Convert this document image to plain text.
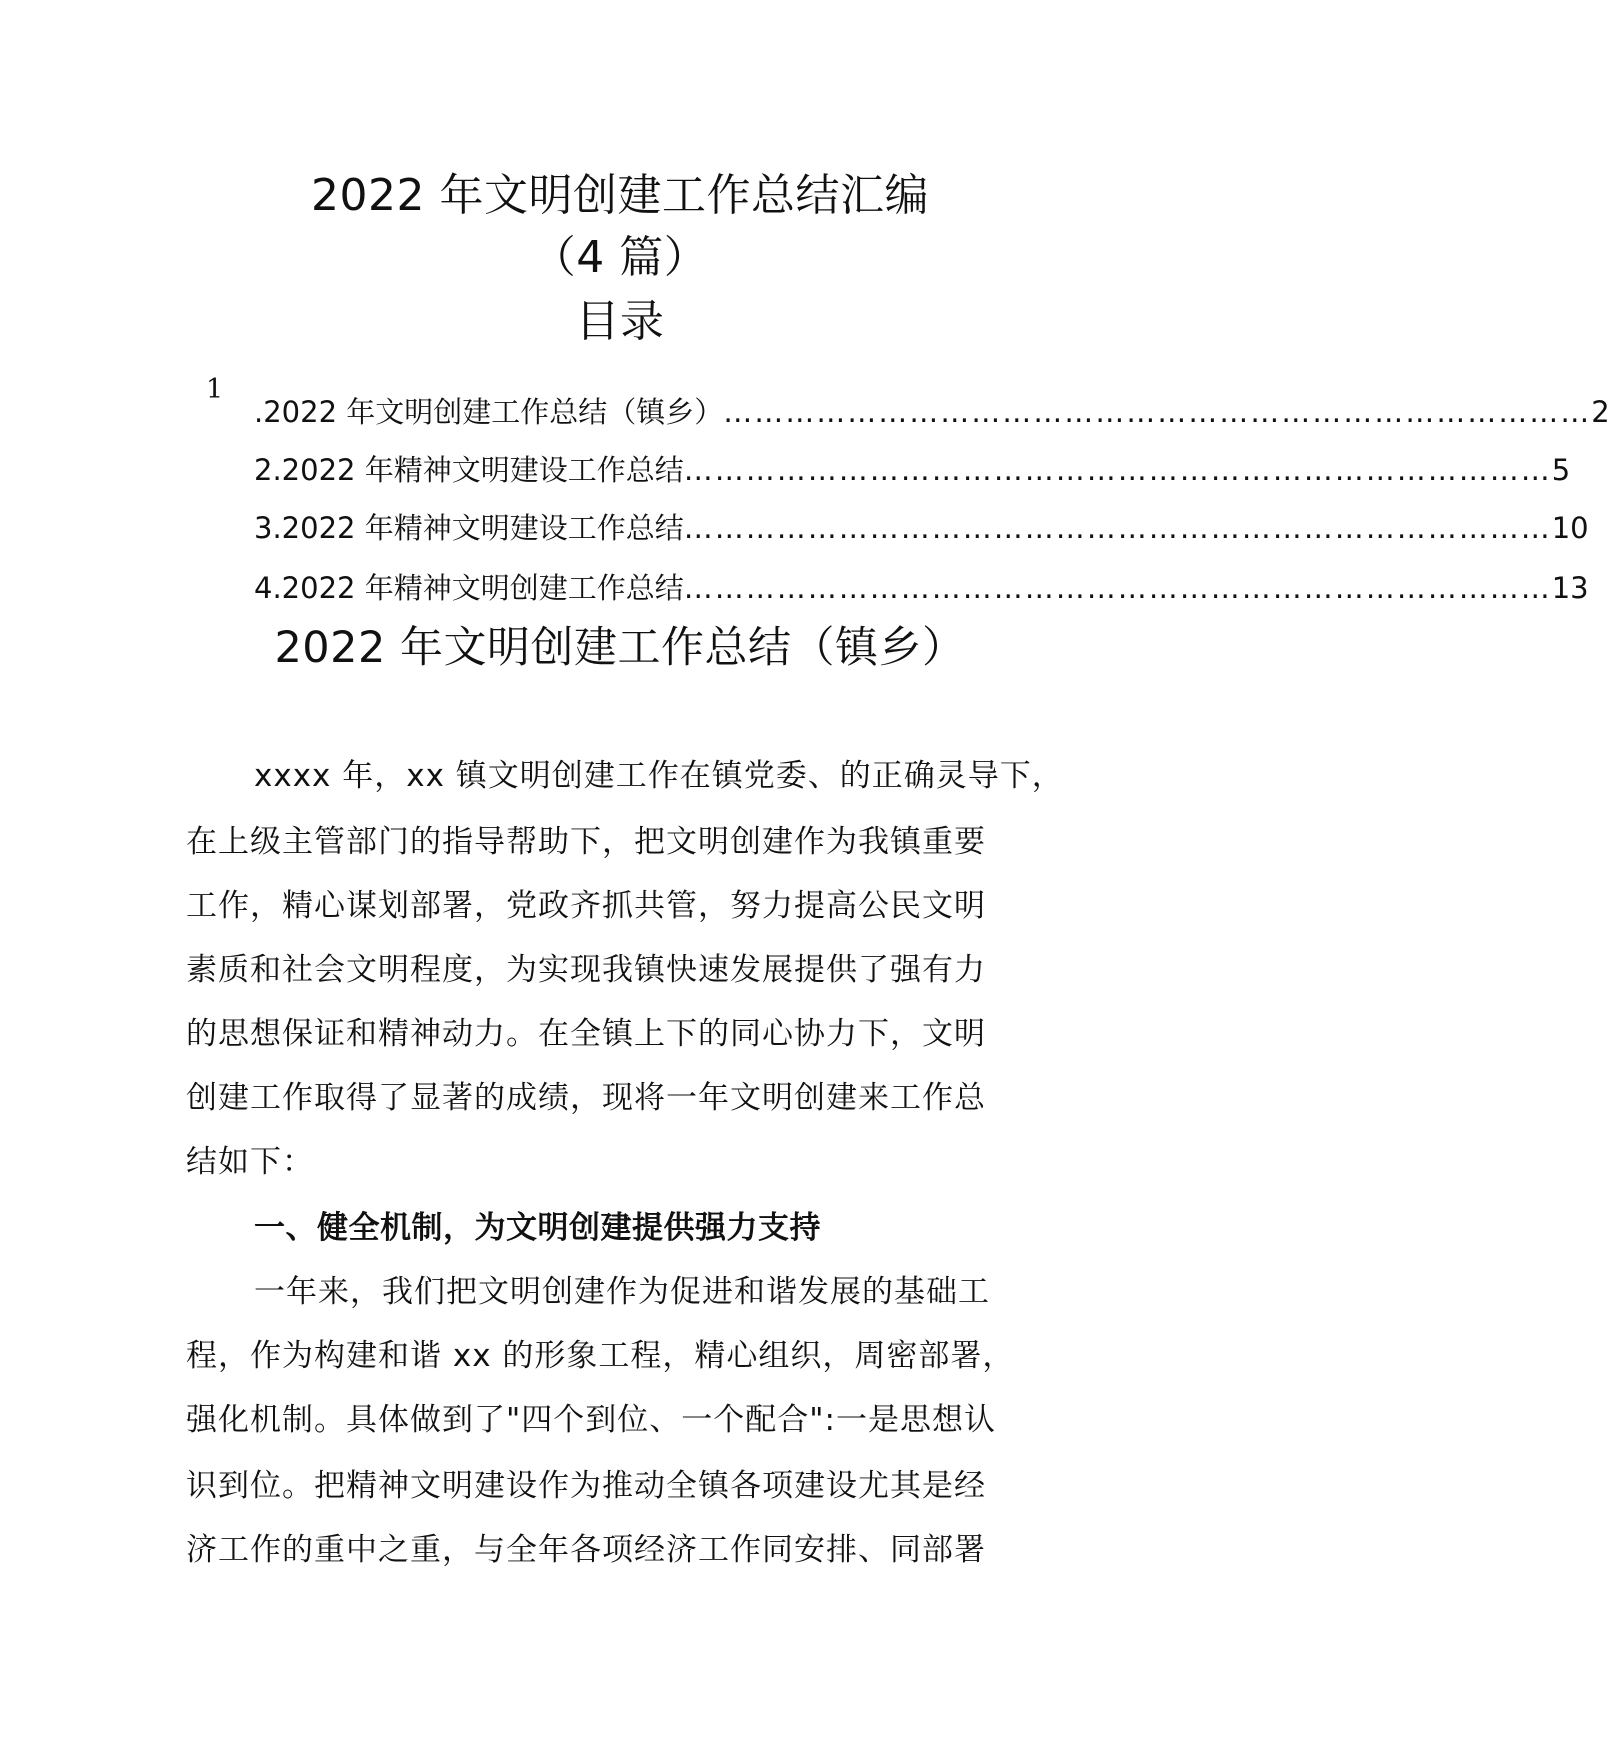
2022 年文明创建工作总结汇编
（4 篇）
目录
1
.2022 年文明创建工作总结（镇乡） ………………………………………………………………………… 2
2.2022 年精神文明建设工作总结 ………………………………………………………………………… 5
3.2022 年精神文明建设工作总结 ………………………………………………………………………… 10
4.2022 年精神文明创建工作总结 ………………………………………………………………………… 13
2022 年文明创建工作总结（镇乡）
xxxx 年，xx 镇文明创建工作在镇党委、的正确灵导下，
在上级主管部门的指导帮助下，把文明创建作为我镇重要
工作，精心谋划部署，党政齐抓共管，努力提高公民文明
素质和社会文明程度，为实现我镇快速发展提供了强有力
的思想保证和精神动力。在全镇上下的同心协力下，文明
创建工作取得了显著的成绩，现将一年文明创建来工作总
结如下：
一、健全机制，为文明创建提供强力支持
一年来，我们把文明创建作为促进和谐发展的基础工
程，作为构建和谐 xx 的形象工程，精心组织，周密部署，
强化机制。具体做到了"四个到位、一个配合":一是思想认
识到位。把精神文明建设作为推动全镇各项建设尤其是经
济工作的重中之重，与全年各项经济工作同安排、同部署
